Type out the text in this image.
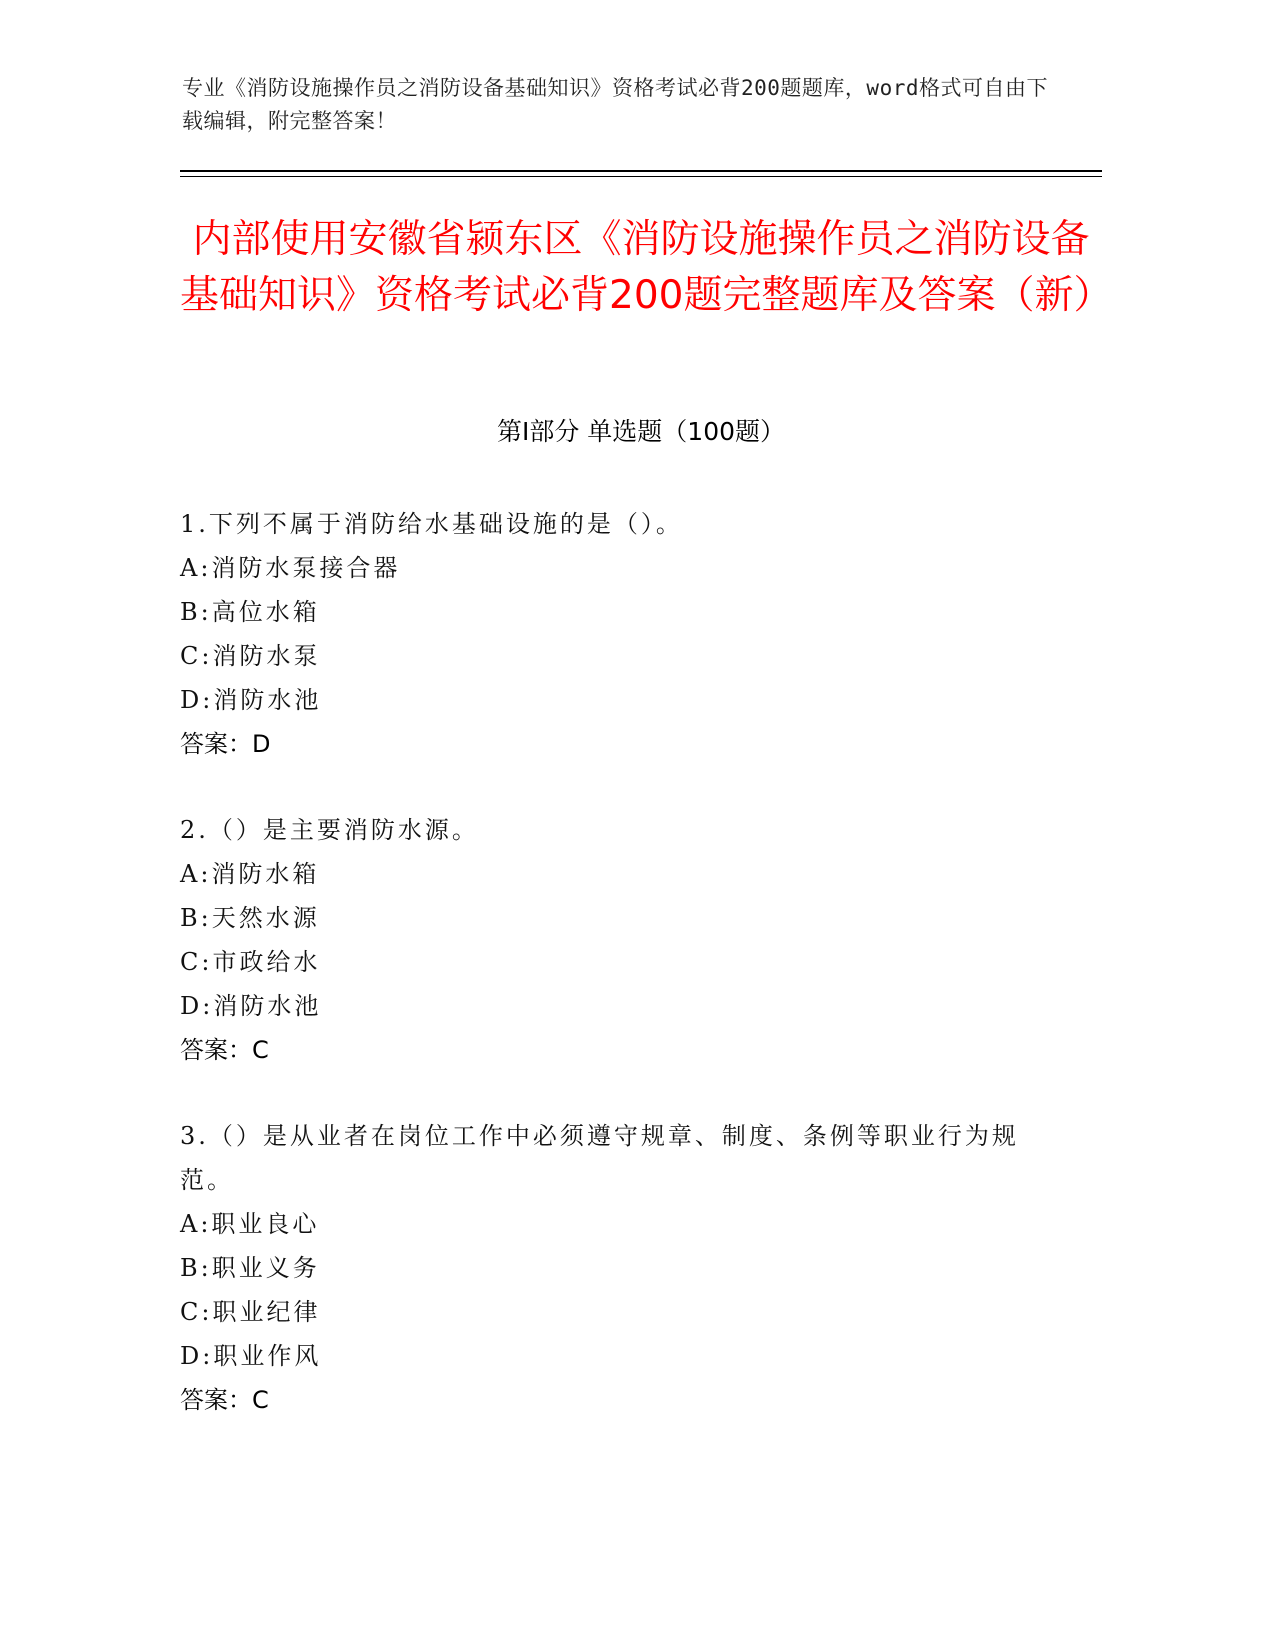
专业《消防设施操作员之消防设备基础知识》资格考试必背200题题库，word格式可自由下载编辑，附完整答案！
内部使用安徽省颍东区《消防设施操作员之消防设备基础知识》资格考试必背200题完整题库及答案（新）
第Ⅰ部分 单选题（100题）

1.下列不属于消防给水基础设施的是（）。

A:消防水泵接合器

B:高位水箱

C:消防水泵

D:消防水池

答案：D

2.（）是主要消防水源。

A:消防水箱

B:天然水源

C:市政给水

D:消防水池

答案：C

3.（）是从业者在岗位工作中必须遵守规章、制度、条例等职业行为规范。

A:职业良心

B:职业义务

C:职业纪律

D:职业作风

答案：C
